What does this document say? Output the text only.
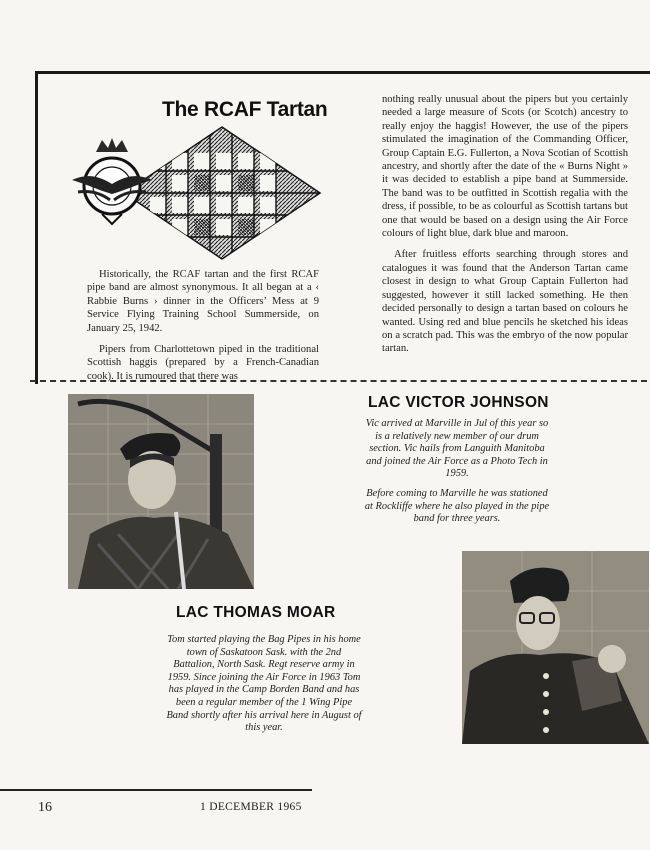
The RCAF Tartan

Historically, the RCAF tartan and the first RCAF pipe band are almost synonymous. It all began at a ‹ Rabbie Burns › dinner in the Officers’ Mess at 9 Service Flying Training School Summerside, on January 25, 1942.

Pipers from Charlottetown piped in the traditional Scottish haggis (prepared by a French-Canadian cook). It is rumoured that there was

nothing really unusual about the pipers but you certainly needed a large measure of Scots (or Scotch) ancestry to really enjoy the haggis! However, the use of the pipers stimulated the imagination of the Commanding Officer, Group Captain E.G. Fullerton, a Nova Scotian of Scottish ancestry, and shortly after the date of the « Burns Night » it was decided to establish a pipe band at Summerside. The band was to be outfitted in Scottish regalia with the dress, if possible, to be as colourful as Scottish tartans but one that would be based on a design using the Air Force colours of light blue, dark blue and maroon.

After fruitless efforts searching through stores and catalogues it was found that the Anderson Tartan came closest in design to what Group Captain Fullerton had suggested, however it still lacked something. He then decided personally to design a tartan based on colours he wanted. Using red and blue pencils he sketched his ideas on a scratch pad. This was the embryo of the now popular tartan.

LAC VICTOR JOHNSON

Vic arrived at Marville in Jul of this year so is a relatively new member of our drum section. Vic hails from Languith Manitoba and joined the Air Force as a Photo Tech in 1959.

Before coming to Marville he was stationed at Rockliffe where he also played in the pipe band for three years.

LAC THOMAS MOAR

Tom started playing the Bag Pipes in his home town of Saskatoon Sask. with the 2nd Battalion, North Sask. Regt reserve army in 1959. Since joining the Air Force in 1963 Tom has played in the Camp Borden Band and has been a regular member of the 1 Wing Pipe Band shortly after his arrival here in August of this year.

16	1 DECEMBER 1965
